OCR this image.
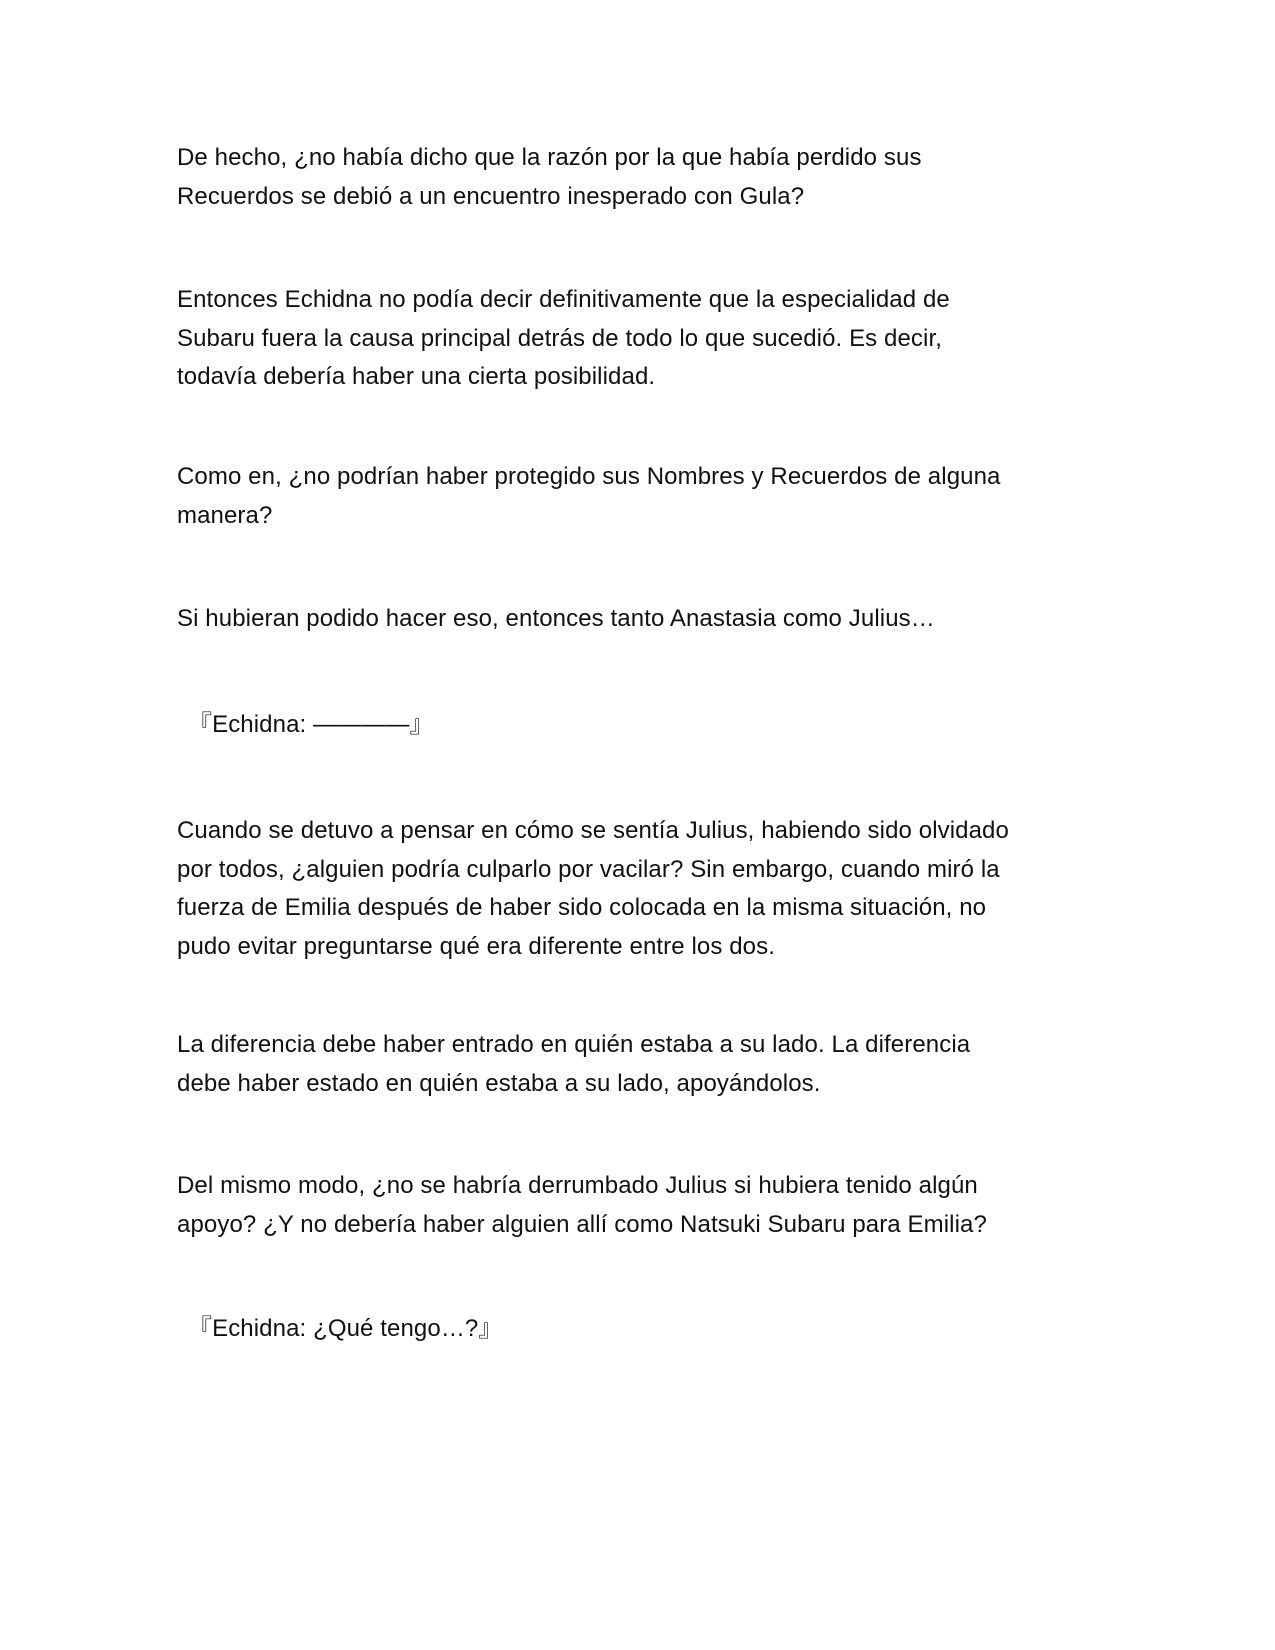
De hecho, ¿no había dicho que la razón por la que había perdido sus
Recuerdos se debió a un encuentro inesperado con Gula?

Entonces Echidna no podía decir definitivamente que la especialidad de
Subaru fuera la causa principal detrás de todo lo que sucedió. Es decir,
todavía debería haber una cierta posibilidad.

Como en, ¿no podrían haber protegido sus Nombres y Recuerdos de alguna
manera?

Si hubieran podido hacer eso, entonces tanto Anastasia como Julius…

『Echidna: ————』

Cuando se detuvo a pensar en cómo se sentía Julius, habiendo sido olvidado
por todos, ¿alguien podría culparlo por vacilar? Sin embargo, cuando miró la
fuerza de Emilia después de haber sido colocada en la misma situación, no
pudo evitar preguntarse qué era diferente entre los dos.

La diferencia debe haber entrado en quién estaba a su lado. La diferencia
debe haber estado en quién estaba a su lado, apoyándolos.

Del mismo modo, ¿no se habría derrumbado Julius si hubiera tenido algún
apoyo? ¿Y no debería haber alguien allí como Natsuki Subaru para Emilia?

『Echidna: ¿Qué tengo…?』
